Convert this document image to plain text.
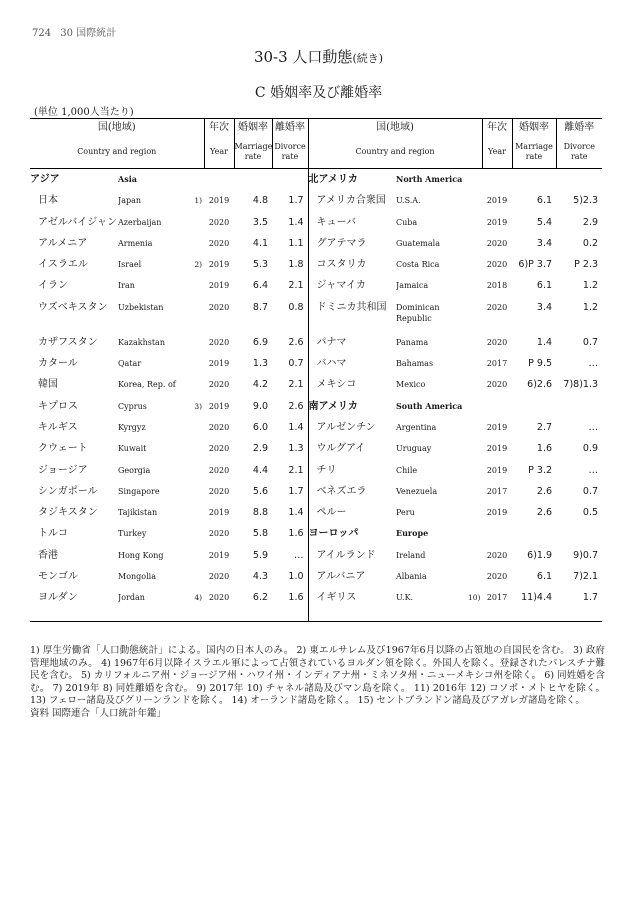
724 30 国際統計
30-3 人口動態(続き)
C 婚姻率及び離婚率
(単位 1,000人当たり)
国(地域)			年次	婚姻率	離婚率	国(地域)			年次	婚姻率	離婚率
Country and region			Year	Marriage rate	Divorce rate	Country and region			Year	Marriage rate	Divorce rate
アジア	Asia					北アメリカ	North America				
日本	Japan	1)	2019	4.8	1.7	アメリカ合衆国	U.S.A.		2019	6.1	5)2.3
アゼルバイジャン	Azerbaijan		2020	3.5	1.4	キューバ	Cuba		2019	5.4	2.9
アルメニア	Armenia		2020	4.1	1.1	グアテマラ	Guatemala		2020	3.4	0.2
イスラエル	Israel	2)	2019	5.3	1.8	コスタリカ	Costa Rica		2020	6)P 3.7	P 2.3
イラン	Iran		2019	6.4	2.1	ジャマイカ	Jamaica		2018	6.1	1.2
ウズベキスタン	Uzbekistan		2020	8.7	0.8	ドミニカ共和国	Dominican Republic		2020	3.4	1.2
カザフスタン	Kazakhstan		2020	6.9	2.6	パナマ	Panama		2020	1.4	0.7
カタール	Qatar		2019	1.3	0.7	バハマ	Bahamas		2017	P 9.5	…
韓国	Korea, Rep. of		2020	4.2	2.1	メキシコ	Mexico		2020	6)2.6	7)8)1.3
キプロス	Cyprus	3)	2019	9.0	2.6	南アメリカ	South America				
キルギス	Kyrgyz		2020	6.0	1.4	アルゼンチン	Argentina		2019	2.7	…
クウェート	Kuwait		2020	2.9	1.3	ウルグアイ	Uruguay		2019	1.6	0.9
ジョージア	Georgia		2020	4.4	2.1	チリ	Chile		2019	P 3.2	…
シンガポール	Singapore		2020	5.6	1.7	ベネズエラ	Venezuela		2017	2.6	0.7
タジキスタン	Tajikistan		2019	8.8	1.4	ペルー	Peru		2019	2.6	0.5
トルコ	Turkey		2020	5.8	1.6	ヨーロッパ	Europe				
香港	Hong Kong		2019	5.9	…	アイルランド	Ireland		2020	6)1.9	9)0.7
モンゴル	Mongolia		2020	4.3	1.0	アルバニア	Albania		2020	6.1	7)2.1
ヨルダン	Jordan	4)	2020	6.2	1.6	イギリス	U.K.	10)	2017	11)4.4	1.7

1) 厚生労働省「人口動態統計」による。国内の日本人のみ。 2) 東エルサレム及び1967年6月以降の占領地の自国民を含む。 3) 政府管理地域のみ。 4) 1967年6月以降イスラエル軍によって占領されているヨルダン領を除く。外国人を除く。登録されたパレスチナ難民を含む。 5) カリフォルニア州・ジョージア州・ハワイ州・インディアナ州・ミネソタ州・ニューメキシコ州を除く。 6) 同姓婚を含む。 7) 2019年 8) 同姓離婚を含む。 9) 2017年 10) チャネル諸島及びマン島を除く。 11) 2016年 12) コソボ・メトヒヤを除く。 13) フェロー諸島及びグリーンランドを除く。 14) オーランド諸島を除く。 15) セントブランドン諸島及びアガレガ諸島を除く。

資料 国際連合「人口統計年鑑」
